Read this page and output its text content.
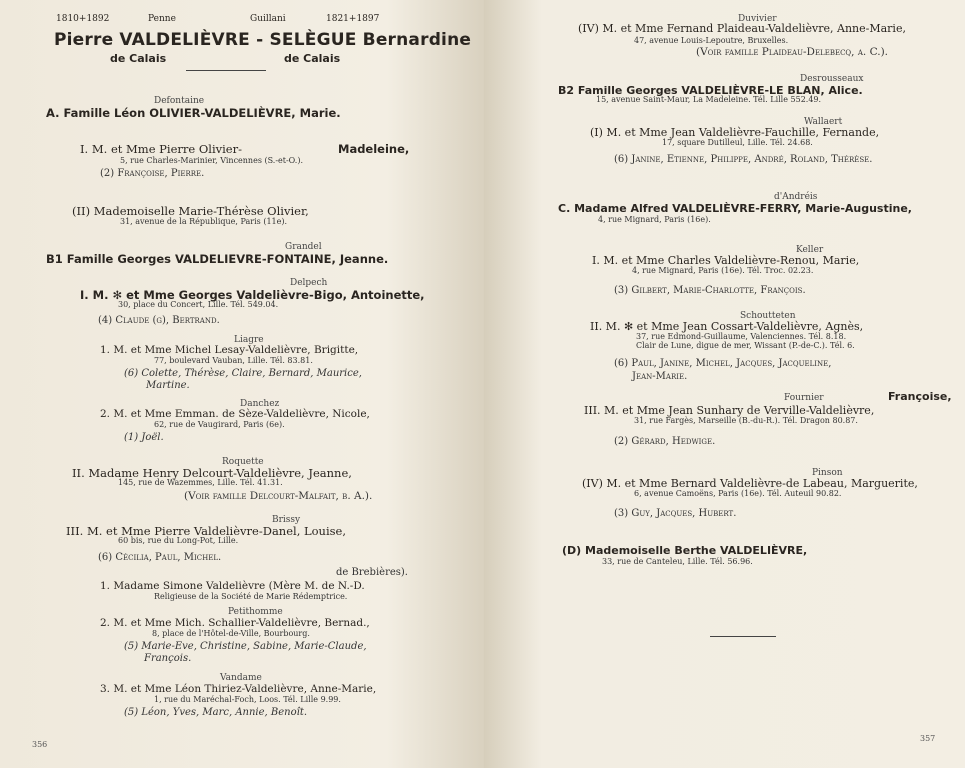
1810+1892	Penne	Guillani	1821+1897
Pierre VALDELIÈVRE - SELÈGUE Bernardine
de Calais	de Calais
Defontaine
A. Famille Léon OLIVIER-VALDELIÈVRE, Marie.
I. M. et Mme Pierre Olivier-	Madeleine,
5, rue Charles-Marinier, Vincennes (S.-et-O.).
(2) Françoise, Pierre.
(II) Mademoiselle Marie-Thérèse Olivier,
31, avenue de la République, Paris (11e).
Grandel
B1 Famille Georges VALDELIEVRE-FONTAINE, Jeanne.
Delpech
I. M. ✻ et Mme Georges Valdelièvre-Bigo, Antoinette,
30, place du Concert, Lille. Tél. 549.04.
(4) Claude (g), Bertrand.
Liagre
1. M. et Mme Michel Lesay-Valdelièvre, Brigitte,
77, boulevard Vauban, Lille. Tél. 83.81.
(6) Colette, Thérèse, Claire, Bernard, Maurice,
Martine.
Danchez
2. M. et Mme Emman. de Sèze-Valdelièvre, Nicole,
62, rue de Vaugirard, Paris (6e).
(1) Joël.
Roquette
II. Madame Henry Delcourt-Valdelièvre, Jeanne,
145, rue de Wazemmes, Lille. Tél. 41.31.
(Voir famille Delcourt-Malfait, b. A.).
Brissy
III. M. et Mme Pierre Valdelièvre-Danel, Louise,
60 bis, rue du Long-Pot, Lille.
(6) Cécilia, Paul, Michel.
de Brebières).
1. Madame Simone Valdelièvre (Mère M. de N.-D.
Religieuse de la Société de Marie Rédemptrice.
Petithomme
2. M. et Mme Mich. Schallier-Valdelièvre, Bernad.,
8, place de l'Hôtel-de-Ville, Bourbourg.
(5) Marie-Eve, Christine, Sabine, Marie-Claude,
François.
Vandame
3. M. et Mme Léon Thiriez-Valdelièvre, Anne-Marie,
1, rue du Maréchal-Foch, Loos. Tél. Lille 9.99.
(5) Léon, Yves, Marc, Annie, Benoît.
356
Duvivier
(IV) M. et Mme Fernand Plaideau-Valdelièvre, Anne-Marie,
47, avenue Louis-Lepoutre, Bruxelles.
(Voir famille Plaideau-Delebecq, a. C.).
Desrousseaux
B2 Famille Georges VALDELIÈVRE-LE BLAN, Alice.
15, avenue Saint-Maur, La Madeleine. Tél. Lille 552.49.
Wallaert
(I) M. et Mme Jean Valdelièvre-Fauchille, Fernande,
17, square Dutilleul, Lille. Tél. 24.68.
(6) Janine, Etienne, Philippe, André, Roland, Thérèse.
d'Andréis
C. Madame Alfred VALDELIÈVRE-FERRY, Marie-Augustine,
4, rue Mignard, Paris (16e).
Keller
I. M. et Mme Charles Valdelièvre-Renou, Marie,
4, rue Mignard, Paris (16e). Tél. Troc. 02.23.
(3) Gilbert, Marie-Charlotte, François.
Schoutteten
II. M. ✻ et Mme Jean Cossart-Valdelièvre, Agnès,
37, rue Edmond-Guillaume, Valenciennes. Tél. 8.18.
Clair de Lune, digue de mer, Wissant (P.-de-C.). Tél. 6.
(6) Paul, Janine, Michel, Jacques, Jacqueline,
Jean-Marie.
Fournier	Françoise,
III. M. et Mme Jean Sunhary de Verville-Valdelièvre,
31, rue Fargès, Marseille (B.-du-R.). Tél. Dragon 80.87.
(2) Gérard, Hedwige.
Pinson
(IV) M. et Mme Bernard Valdelièvre-de Labeau, Marguerite,
6, avenue Camoëns, Paris (16e). Tél. Auteuil 90.82.
(3) Guy, Jacques, Hubert.
(D) Mademoiselle Berthe VALDELIÈVRE,
33, rue de Canteleu, Lille. Tél. 56.96.
357
